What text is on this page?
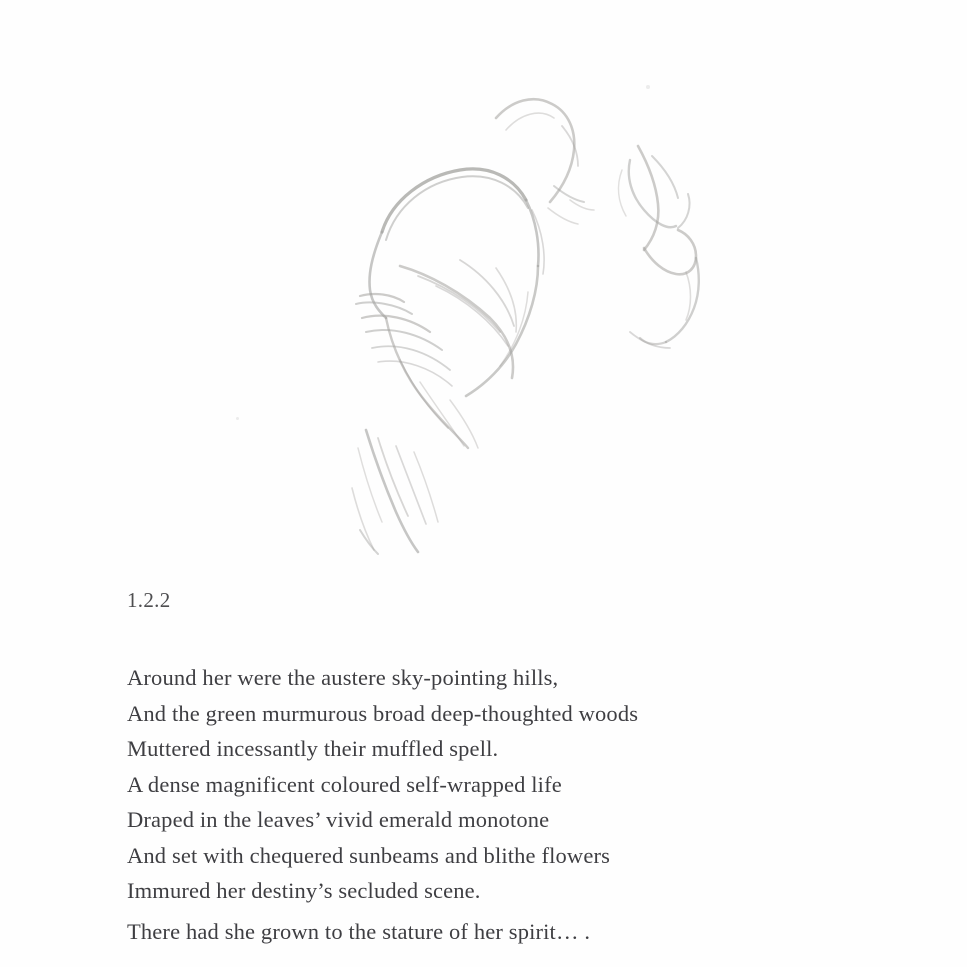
1.2.2
Around her were the austere sky-pointing hills,
And the green murmurous broad deep-thoughted woods
Muttered incessantly their muffled spell.
A dense magnificent coloured self-wrapped life
Draped in the leaves’ vivid emerald monotone
And set with chequered sunbeams and blithe flowers
Immured her destiny’s secluded scene.
There had she grown to the stature of her spirit… .
